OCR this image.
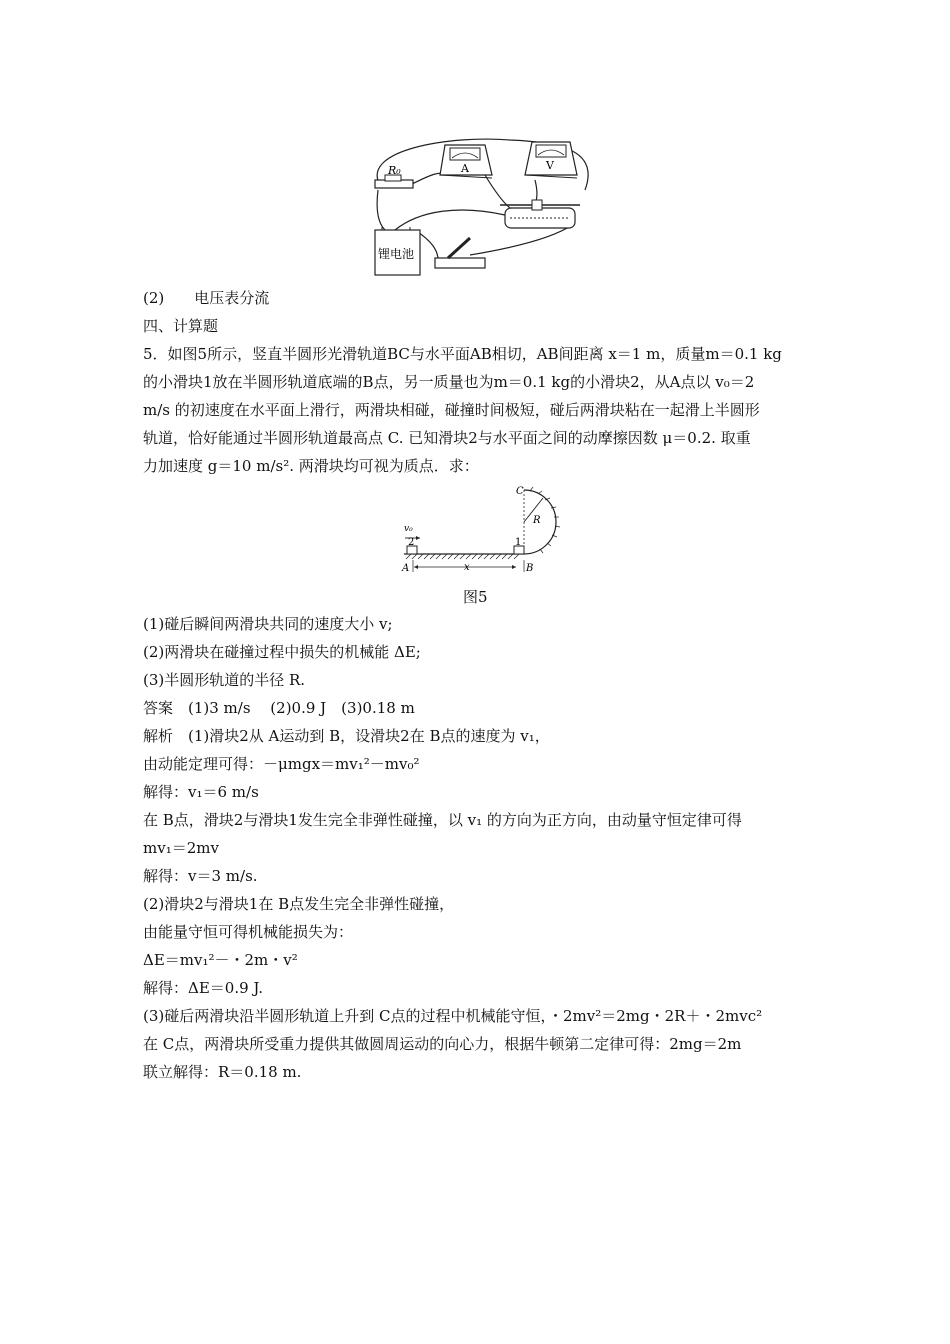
R₀	A	V
锂电池
(2)　　电压表分流
四、计算题
5．如图5所示，竖直半圆形光滑轨道BC与水平面AB相切，AB间距离 x＝1 m，质量m＝0.1 kg
的小滑块1放在半圆形轨道底端的B点，另一质量也为m＝0.1 kg的小滑块2，从A点以 v₀＝2
m/s 的初速度在水平面上滑行，两滑块相碰，碰撞时间极短，碰后两滑块粘在一起滑上半圆形
轨道，恰好能通过半圆形轨道最高点 C. 已知滑块2与水平面之间的动摩擦因数 μ＝0.2. 取重
力加速度 g＝10 m/s². 两滑块均可视为质点．求：
v₀
2	1
A	B
C
R
x
图5
(1)碰后瞬间两滑块共同的速度大小 v;
(2)两滑块在碰撞过程中损失的机械能 ΔE;
(3)半圆形轨道的半径 R.
答案　(1)3 m/s　 (2)0.9 J　(3)0.18 m
解析　(1)滑块2从 A运动到 B，设滑块2在 B点的速度为 v₁，
由动能定理可得：－μmgx＝mv₁²－mv₀²
解得：v₁＝6 m/s
在 B点，滑块2与滑块1发生完全非弹性碰撞，以 v₁ 的方向为正方向，由动量守恒定律可得
mv₁＝2mv
解得：v＝3 m/s.
(2)滑块2与滑块1在 B点发生完全非弹性碰撞，
由能量守恒可得机械能损失为：
ΔE＝mv₁²－・2m・v²
解得：ΔE＝0.9 J.
(3)碰后两滑块沿半圆形轨道上升到 C点的过程中机械能守恒，・2mv²＝2mg・2R＋・2mvc²
在 C点，两滑块所受重力提供其做圆周运动的向心力，根据牛顿第二定律可得：2mg＝2m
联立解得：R＝0.18 m.
